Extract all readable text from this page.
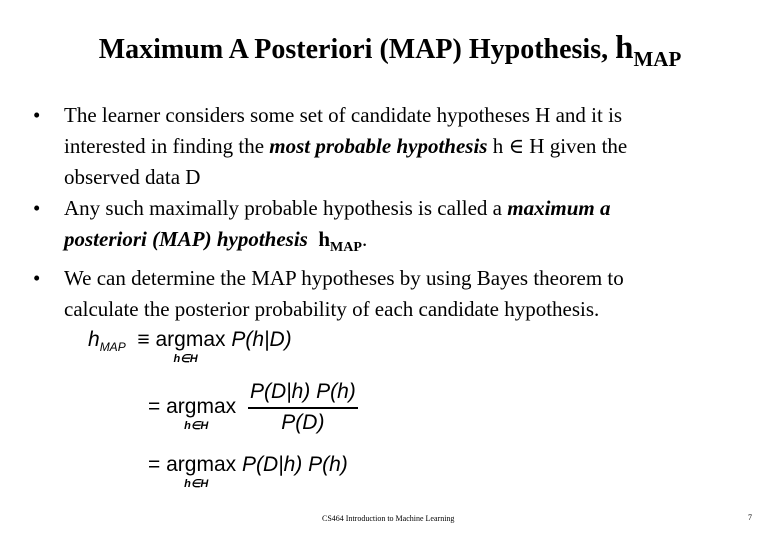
Maximum A Posteriori (MAP) Hypothesis, $h_{MAP}$
• The learner considers some set of candidate hypotheses H and it is
interested in finding the most probable hypothesis h ∈ H given the
observed data D
• Any such maximally probable hypothesis is called a maximum a
posteriori (MAP) hypothesis $h_{MAP}$.
• We can determine the MAP hypotheses by using Bayes theorem to
calculate the posterior probability of each candidate hypothesis.
$h_{MAP} \equiv argmax$
h∈H
P(h|D)
= argmax
h∈H
$\frac{P(D|h) P(h)}{P(D)}$
= argmax
h∈H
P(D|h) P(h)
CS464 Introduction to Machine Learning	7
